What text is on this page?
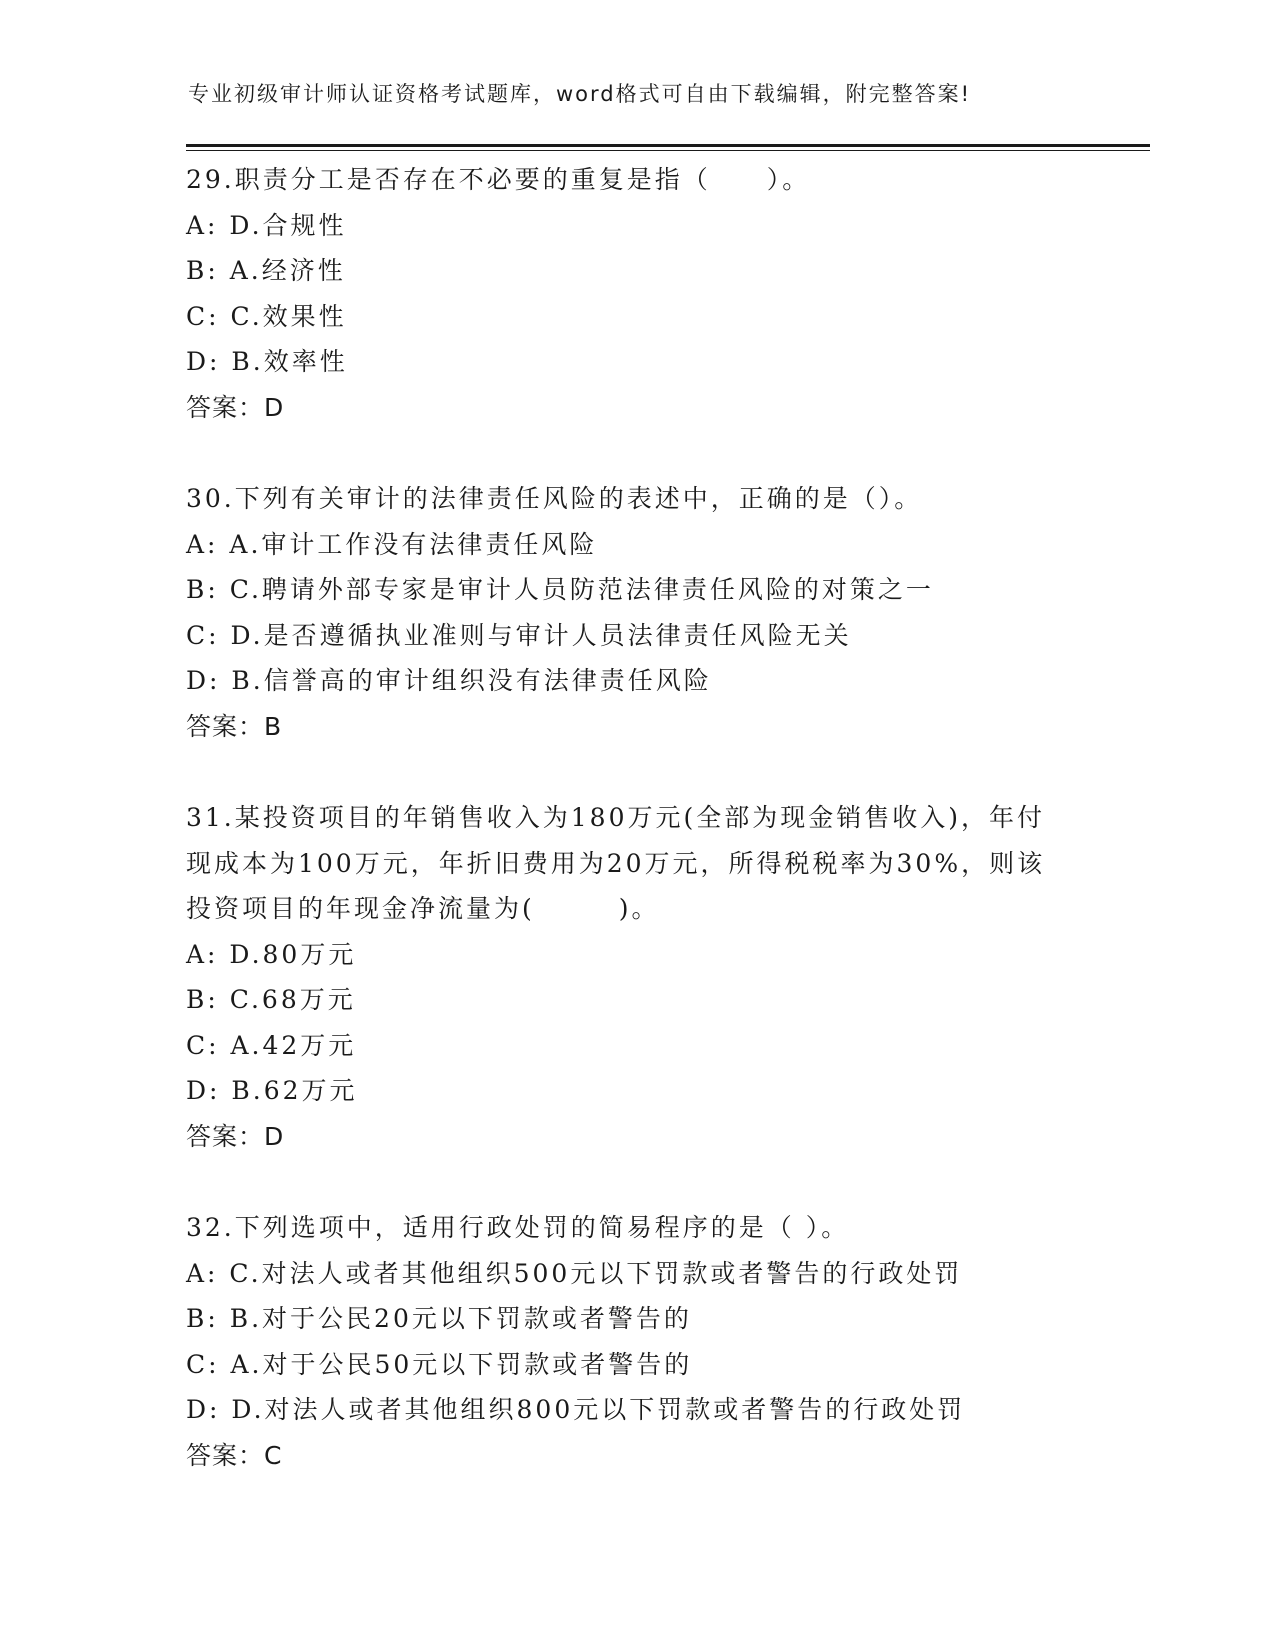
专业初级审计师认证资格考试题库，word格式可自由下载编辑，附完整答案!
29.职责分工是否存在不必要的重复是指（　　）。
A: D.合规性
B: A.经济性
C: C.效果性
D: B.效率性
答案：D
30.下列有关审计的法律责任风险的表述中，正确的是（）。
A: A.审计工作没有法律责任风险
B: C.聘请外部专家是审计人员防范法律责任风险的对策之一
C: D.是否遵循执业准则与审计人员法律责任风险无关
D: B.信誉高的审计组织没有法律责任风险
答案：B
31.某投资项目的年销售收入为180万元(全部为现金销售收入)，年付
现成本为100万元，年折旧费用为20万元，所得税税率为30%，则该
投资项目的年现金净流量为(　　　)。
A: D.80万元
B: C.68万元
C: A.42万元
D: B.62万元
答案：D
32.下列选项中，适用行政处罚的简易程序的是（ ）。
A: C.对法人或者其他组织500元以下罚款或者警告的行政处罚
B: B.对于公民20元以下罚款或者警告的
C: A.对于公民50元以下罚款或者警告的
D: D.对法人或者其他组织800元以下罚款或者警告的行政处罚
答案：C
